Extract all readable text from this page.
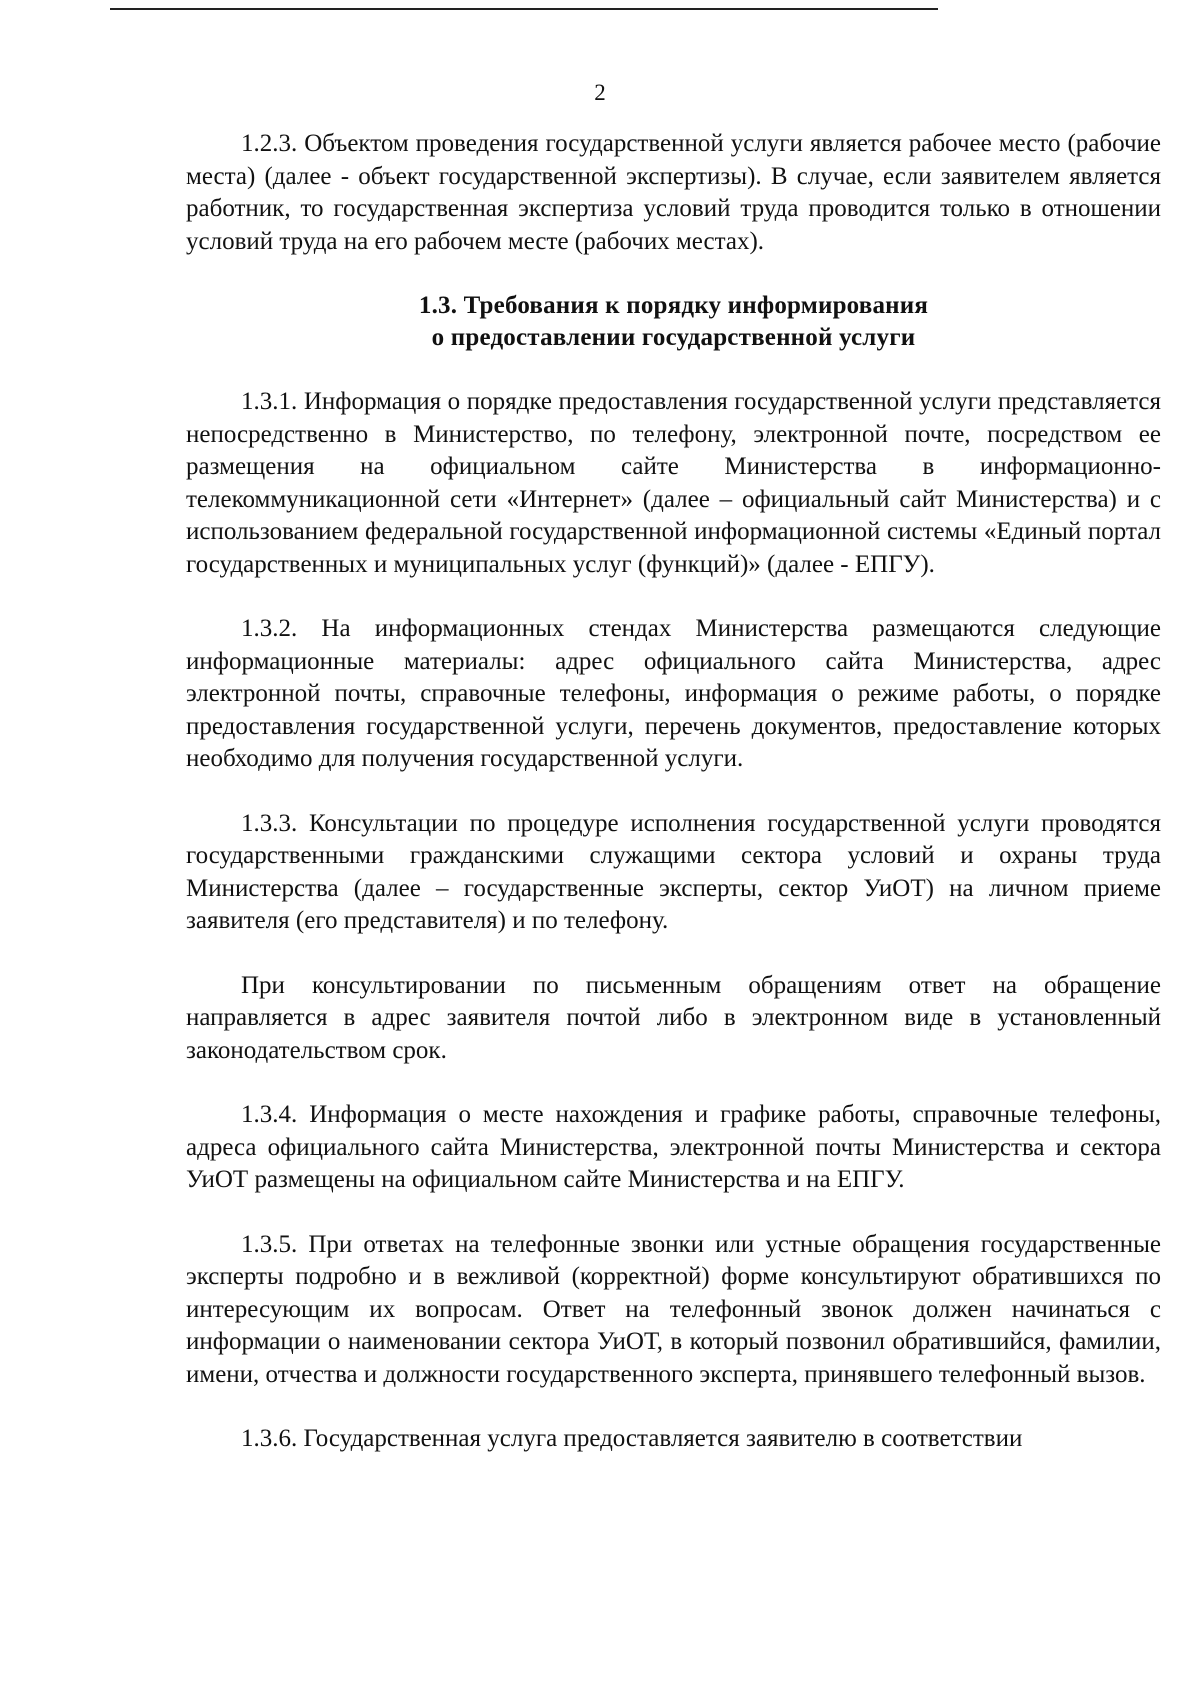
2

1.2.3. Объектом проведения государственной услуги является рабочее место (рабочие места) (далее - объект государственной экспертизы). В случае, если заявителем является работник, то государственная экспертиза условий труда проводится только в отношении условий труда на его рабочем месте (рабочих местах).

1.3. Требования к порядку информирования
о предоставлении государственной услуги

1.3.1. Информация о порядке предоставления государственной услуги представляется непосредственно в Министерство, по телефону, электронной почте, посредством ее размещения на официальном сайте Министерства в информационно-телекоммуникационной сети «Интернет» (далее – официальный сайт Министерства) и с использованием федеральной государственной информационной системы «Единый портал государственных и муниципальных услуг (функций)» (далее - ЕПГУ).

1.3.2. На информационных стендах Министерства размещаются следующие информационные материалы: адрес официального сайта Министерства, адрес электронной почты, справочные телефоны, информация о режиме работы, о порядке предоставления государственной услуги, перечень документов, предоставление которых необходимо для получения государственной услуги.

1.3.3. Консультации по процедуре исполнения государственной услуги проводятся государственными гражданскими служащими сектора условий и охраны труда Министерства (далее – государственные эксперты, сектор УиОТ) на личном приеме заявителя (его представителя) и по телефону.

При консультировании по письменным обращениям ответ на обращение направляется в адрес заявителя почтой либо в электронном виде в установленный законодательством срок.

1.3.4. Информация о месте нахождения и графике работы, справочные телефоны, адреса официального сайта Министерства, электронной почты Министерства и сектора УиОТ размещены на официальном сайте Министерства и на ЕПГУ.

1.3.5. При ответах на телефонные звонки или устные обращения государственные эксперты подробно и в вежливой (корректной) форме консультируют обратившихся по интересующим их вопросам. Ответ на телефонный звонок должен начинаться с информации о наименовании сектора УиОТ, в который позвонил обратившийся, фамилии, имени, отчества и должности государственного эксперта, принявшего телефонный вызов.

1.3.6. Государственная услуга предоставляется заявителю в соответствии
